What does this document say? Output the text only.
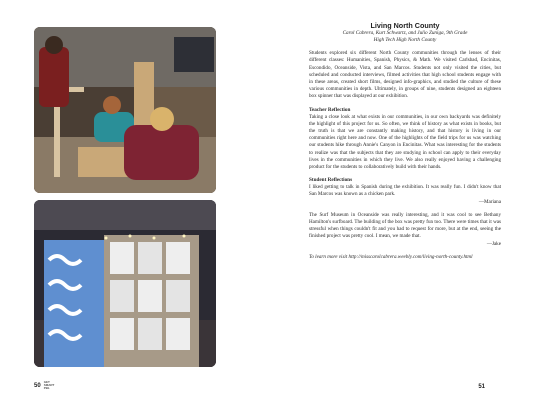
50
GET
SMART
PBL
Living North County
Carol Cabrera, Kurt Schwartz, and Julio Zuniga, 9th Grade
High Tech High North County

Students explored six different North County communities through the lenses of their different classes: Humanities, Spanish, Physics, & Math. We visited Carlsbad, Encinitas, Escondido, Oceanside, Vista, and San Marcos. Students not only visited the cities, but scheduled and conducted interviews, filmed activities that high school students engage with in these areas, created short films, designed info-graphics, and studied the culture of these various communities in depth. Ultimately, in groups of nine, students designed an eighteen box spinner that was displayed at our exhibition.

Teacher Reflection

Taking a close look at what exists in our communities, in our own backyards was definitely the highlight of this project for us. So often, we think of history as what exists in books, but the truth is that we are constantly making history, and that history is living in our communities right here and now. One of the highlights of the field trips for us was watching our students hike through Annie's Canyon in Encinitas. What was interesting for the students to realize was that the subjects that they are studying in school can apply to their everyday lives in the communities in which they live. We also really enjoyed having a challenging product for the students to collaboratively build with their hands.

Student Reflections

I liked getting to talk in Spanish during the exhibition. It was really fun. I didn't know that San Marcos was known as a chicken park.

—Mariana

The Surf Museum in Oceanside was really interesting, and it was cool to see Bethany Hamilton's surfboard. The building of the box was pretty fun too. There were times that it was stressful when things couldn't fit and you had to request for more, but at the end, seeing the finished project was pretty cool. I mean, we made that.

—Jake

To learn more visit http://misscarolcabrera.weebly.com/living-north-county.html

51
